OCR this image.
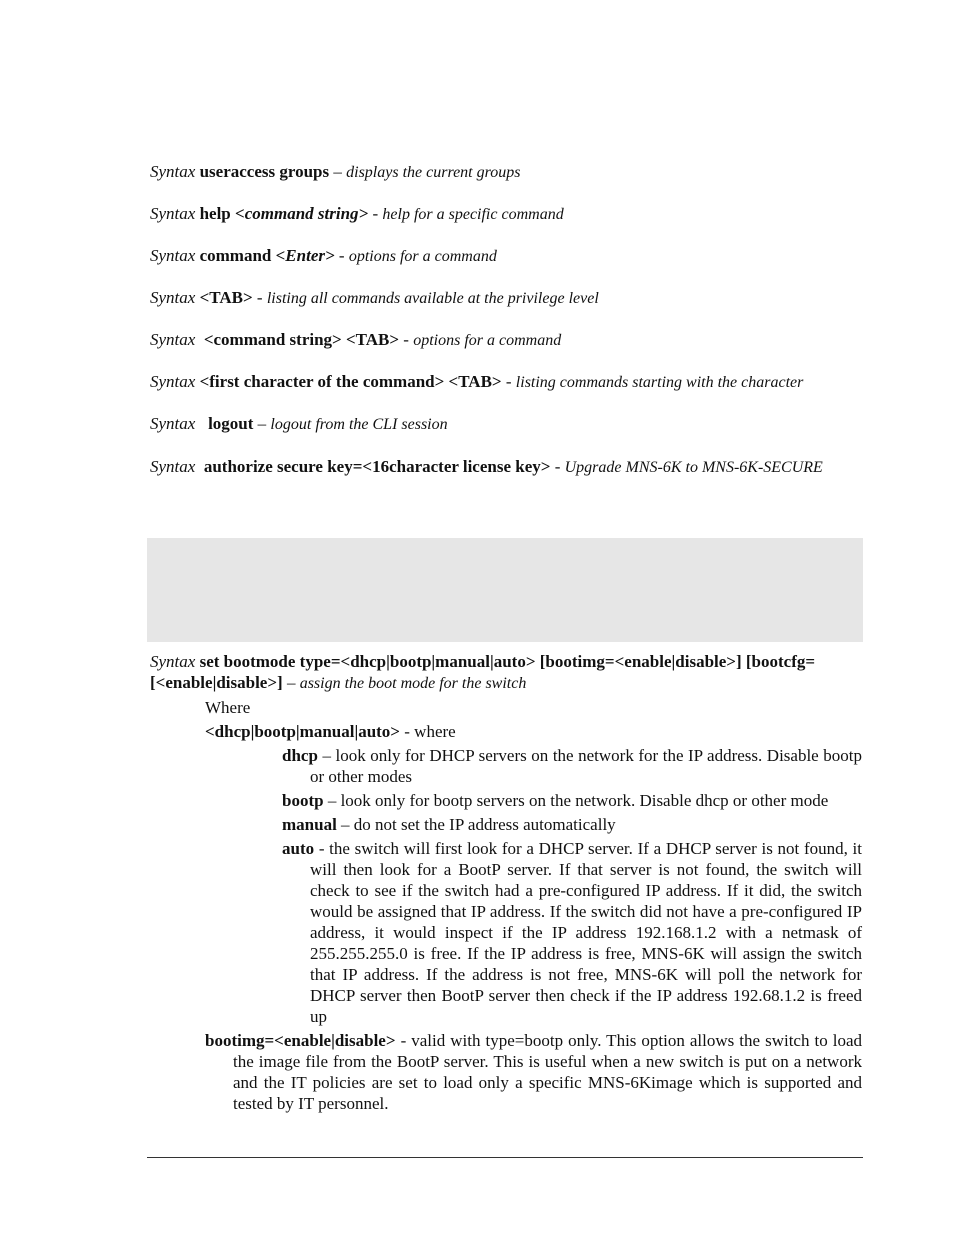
Syntax useraccess groups – displays the current groups
Syntax help <command string> - help for a specific command
Syntax command <Enter> - options for a command
Syntax <TAB> - listing all commands available at the privilege level
Syntax <command string> <TAB> - options for a command
Syntax <first character of the command> <TAB> - listing commands starting with the character
Syntax logout – logout from the CLI session
Syntax authorize secure key=<16character license key> - Upgrade MNS-6K to MNS-6K-SECURE
Syntax set bootmode type=<dhcp|bootp|manual|auto> [bootimg=<enable|disable>] [bootcfg=[<enable|disable>] – assign the boot mode for the switch
Where
<dhcp|bootp|manual|auto> - where
dhcp – look only for DHCP servers on the network for the IP address. Disable bootp or other modes
bootp – look only for bootp servers on the network. Disable dhcp or other mode
manual – do not set the IP address automatically
auto - the switch will first look for a DHCP server. If a DHCP server is not found, it will then look for a BootP server. If that server is not found, the switch will check to see if the switch had a pre-configured IP address. If it did, the switch would be assigned that IP address. If the switch did not have a pre-configured IP address, it would inspect if the IP address 192.168.1.2 with a netmask of 255.255.255.0 is free. If the IP address is free, MNS-6K will assign the switch that IP address. If the address is not free, MNS-6K will poll the network for DHCP server then BootP server then check if the IP address 192.68.1.2 is freed up
bootimg=<enable|disable> - valid with type=bootp only. This option allows the switch to load the image file from the BootP server. This is useful when a new switch is put on a network and the IT policies are set to load only a specific MNS-6Kimage which is supported and tested by IT personnel.
